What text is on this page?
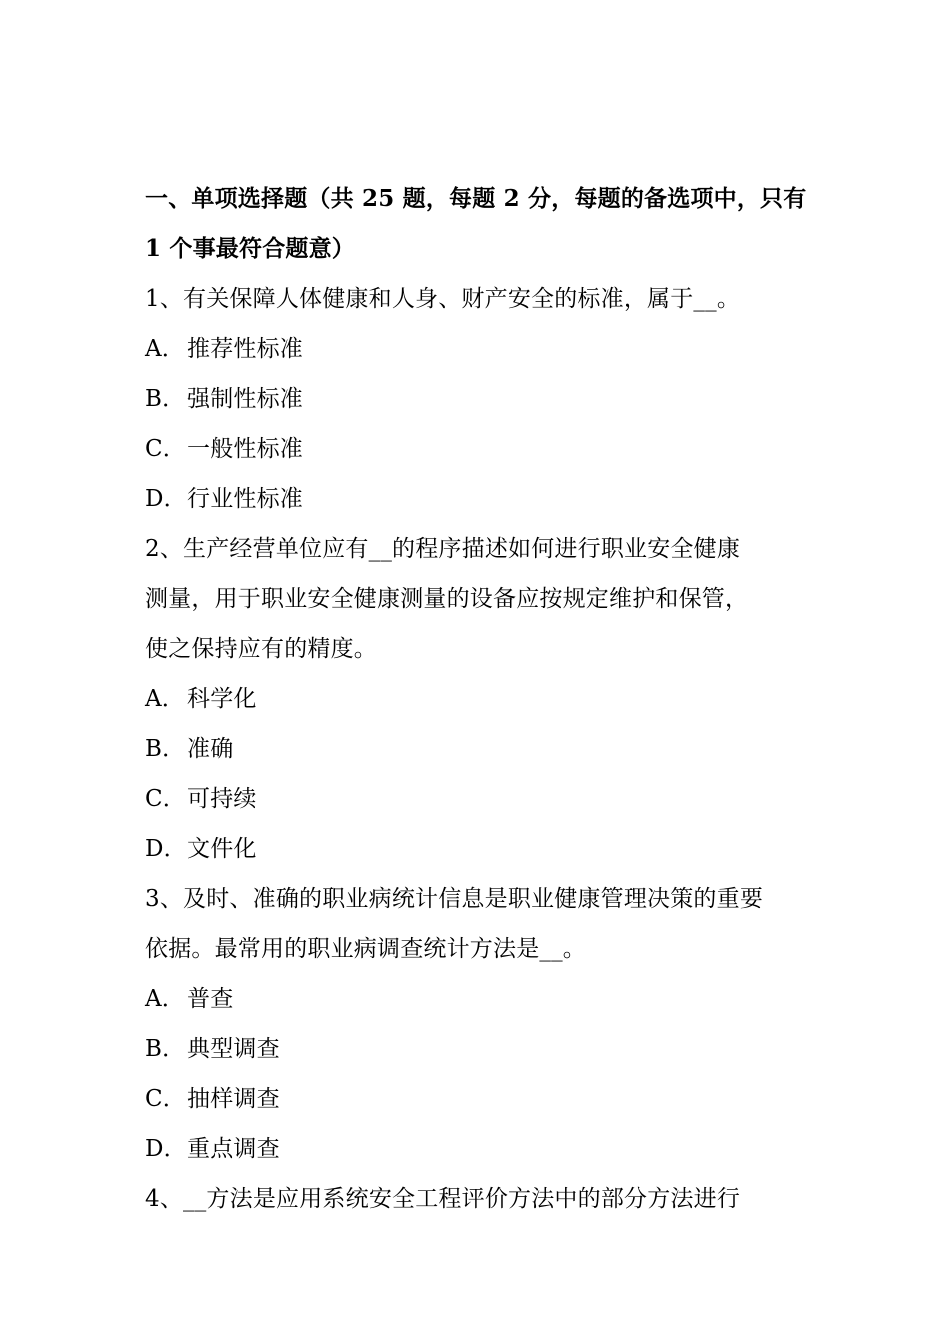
一、单项选择题（共 25 题，每题 2 分，每题的备选项中，只有
1 个事最符合题意）
1、有关保障人体健康和人身、财产安全的标准，属于__。
A．推荐性标准
B．强制性标准
C．一般性标准
D．行业性标准
2、生产经营单位应有__的程序描述如何进行职业安全健康
测量，用于职业安全健康测量的设备应按规定维护和保管，
使之保持应有的精度。
A．科学化
B．准确
C．可持续
D．文件化
3、及时、准确的职业病统计信息是职业健康管理决策的重要
依据。最常用的职业病调查统计方法是__。
A．普查
B．典型调查
C．抽样调查
D．重点调查
4、__方法是应用系统安全工程评价方法中的部分方法进行
